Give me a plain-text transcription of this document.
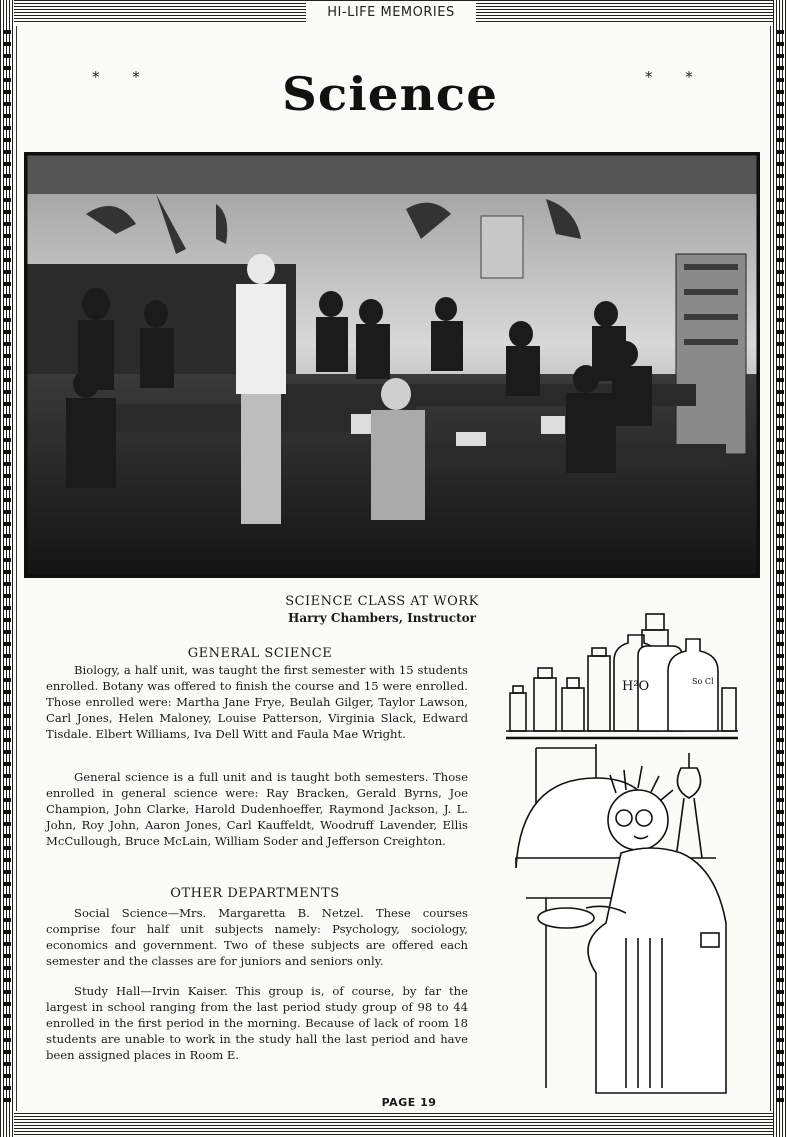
HI-LIFE MEMORIES
* *	* *
Science
SCIENCE CLASS AT WORK
Harry Chambers, Instructor
GENERAL SCIENCE

Biology, a half unit, was taught the first semester with 15 students enrolled. Botany was offered to finish the course and 15 were enrolled. Those enrolled were: Martha Jane Frye, Beulah Gilger, Taylor Lawson, Carl Jones, Helen Maloney, Louise Patterson, Virginia Slack, Edward Tisdale. Elbert Williams, Iva Dell Witt and Faula Mae Wright.

General science is a full unit and is taught both semesters. Those enrolled in general science were: Ray Bracken, Gerald Byrns, Joe Champion, John Clarke, Harold Dudenhoeffer, Raymond Jackson, J. L. John, Roy John, Aaron Jones, Carl Kauffeldt, Woodruff Lavender, Ellis McCullough, Bruce McLain, William Soder and Jefferson Creighton.

OTHER DEPARTMENTS

Social Science—Mrs. Margaretta B. Netzel. These courses comprise four half unit subjects namely: Psychology, sociology, economics and government. Two of these subjects are offered each semester and the classes are for juniors and seniors only.

Study Hall—Irvin Kaiser. This group is, of course, by far the largest in school ranging from the last period study group of 98 to 44 enrolled in the first period in the morning. Because of lack of room 18 students are unable to work in the study hall the last period and have been assigned places in Room E.

H²O	So Cl
PAGE 19
